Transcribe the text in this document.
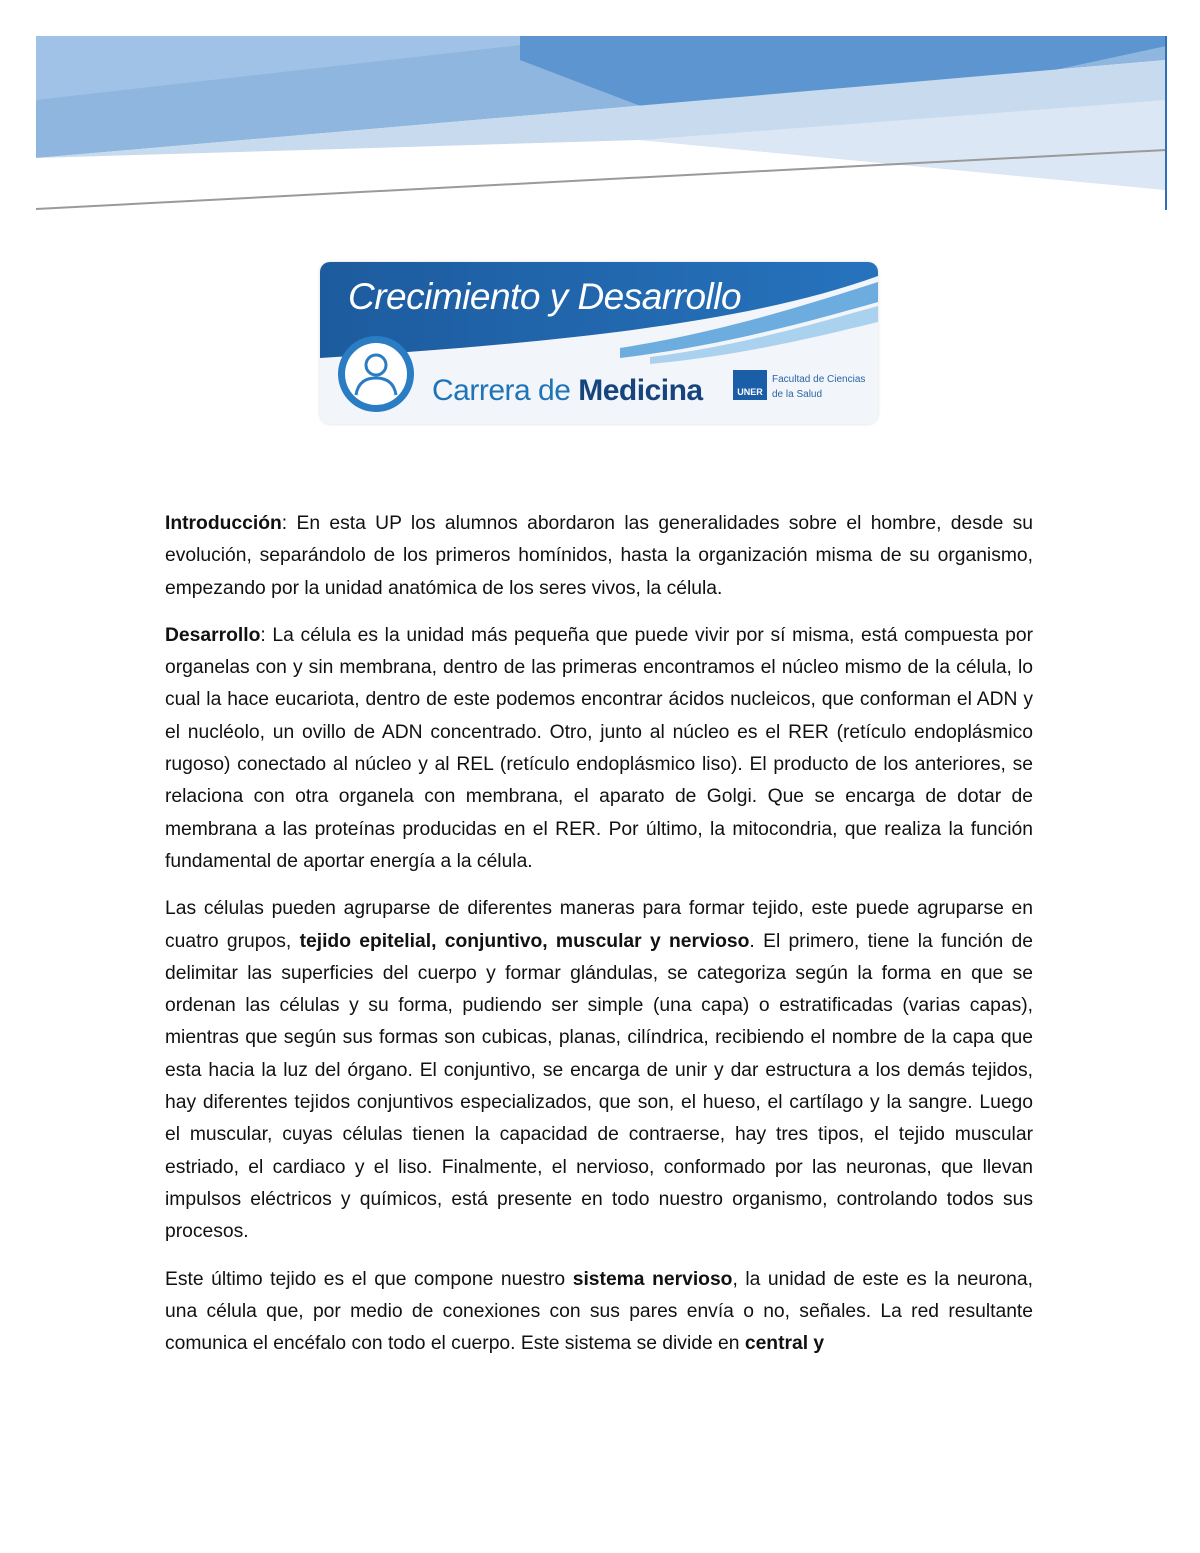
Crecimiento y Desarrollo
Carrera de Medicina	UNER
Facultad de Ciencias
de la Salud

Introducción: En esta UP los alumnos abordaron las generalidades sobre el hombre, desde su evolución, separándolo de los primeros homínidos, hasta la organización misma de su organismo, empezando por la unidad anatómica de los seres vivos, la célula.

Desarrollo: La célula es la unidad más pequeña que puede vivir por sí misma, está compuesta por organelas con y sin membrana, dentro de las primeras encontramos el núcleo mismo de la célula, lo cual la hace eucariota, dentro de este podemos encontrar ácidos nucleicos, que conforman el ADN y el nucléolo, un ovillo de ADN concentrado. Otro, junto al núcleo es el RER (retículo endoplásmico rugoso) conectado al núcleo y al REL (retículo endoplásmico liso). El producto de los anteriores, se relaciona con otra organela con membrana, el aparato de Golgi. Que se encarga de dotar de membrana a las proteínas producidas en el RER. Por último, la mitocondria, que realiza la función fundamental de aportar energía a la célula.

Las células pueden agruparse de diferentes maneras para formar tejido, este puede agruparse en cuatro grupos, tejido epitelial, conjuntivo, muscular y nervioso. El primero, tiene la función de delimitar las superficies del cuerpo y formar glándulas, se categoriza según la forma en que se ordenan las células y su forma, pudiendo ser simple (una capa) o estratificadas (varias capas), mientras que según sus formas son cubicas, planas, cilíndrica, recibiendo el nombre de la capa que esta hacia la luz del órgano. El conjuntivo, se encarga de unir y dar estructura a los demás tejidos, hay diferentes tejidos conjuntivos especializados, que son, el hueso, el cartílago y la sangre. Luego el muscular, cuyas células tienen la capacidad de contraerse, hay tres tipos, el tejido muscular estriado, el cardiaco y el liso. Finalmente, el nervioso, conformado por las neuronas, que llevan impulsos eléctricos y químicos, está presente en todo nuestro organismo, controlando todos sus procesos.

Este último tejido es el que compone nuestro sistema nervioso, la unidad de este es la neurona, una célula que, por medio de conexiones con sus pares envía o no, señales. La red resultante comunica el encéfalo con todo el cuerpo. Este sistema se divide en central y
